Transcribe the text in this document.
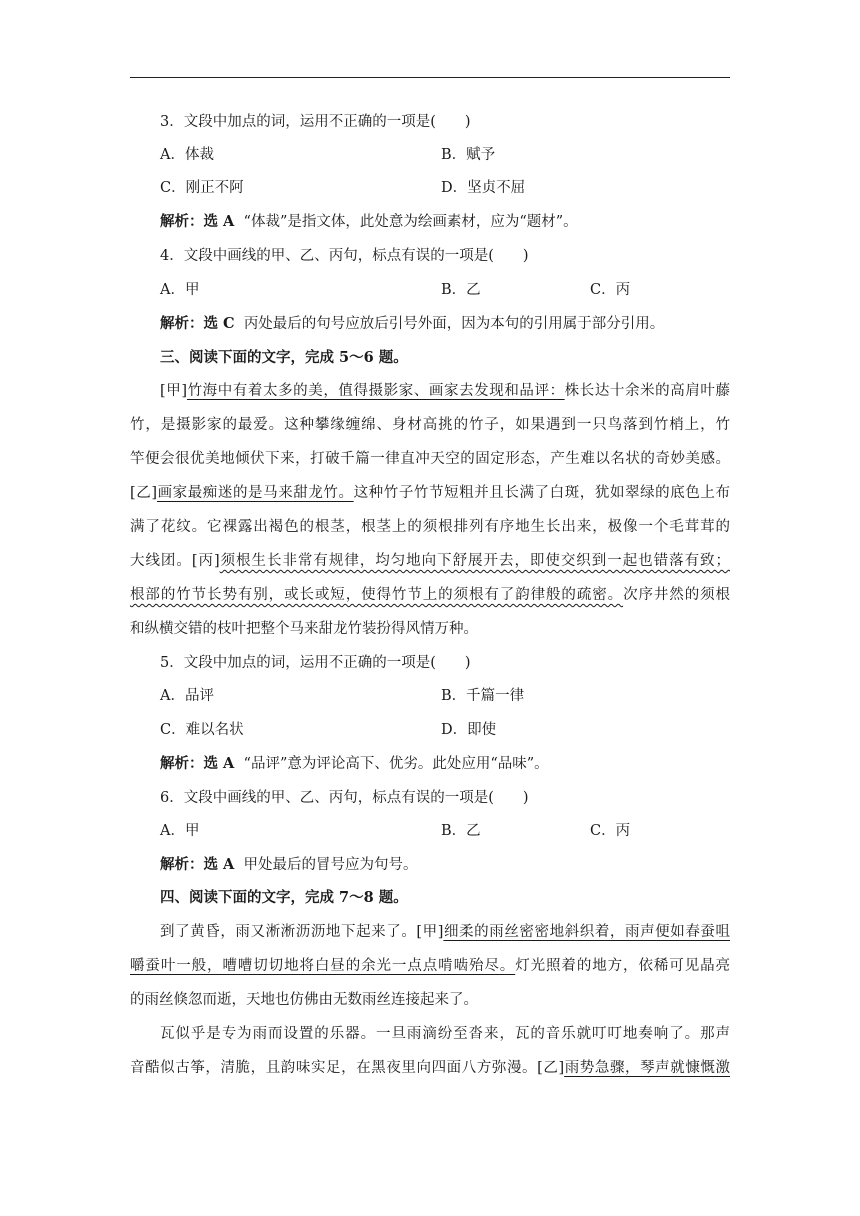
3．文段中加点的词，运用不正确的一项是(　　)
A．体裁	B．赋予
C．刚正不阿	D．坚贞不屈
解析：选 A “体裁”是指文体，此处意为绘画素材，应为“题材”。
4．文段中画线的甲、乙、丙句，标点有误的一项是(　　)
A．甲	B．乙	C．丙
解析：选 C 丙处最后的句号应放后引号外面，因为本句的引用属于部分引用。
三、阅读下面的文字，完成 5～6 题。
[甲]竹海中有着太多的美，值得摄影家、画家去发现和品评：株长达十余米的高肩叶藤
竹，是摄影家的最爱。这种攀缘缠绵、身材高挑的竹子，如果遇到一只鸟落到竹梢上，竹
竿便会很优美地倾伏下来，打破千篇一律直冲天空的固定形态，产生难以名状的奇妙美感。
[乙]画家最痴迷的是马来甜龙竹。这种竹子竹节短粗并且长满了白斑，犹如翠绿的底色上布
满了花纹。它裸露出褐色的根茎，根茎上的须根排列有序地生长出来，极像一个毛茸茸的
大线团。[丙]须根生长非常有规律，均匀地向下舒展开去，即使交织到一起也错落有致；
根部的竹节长势有别，或长或短，使得竹节上的须根有了韵律般的疏密。次序井然的须根
和纵横交错的枝叶把整个马来甜龙竹装扮得风情万种。
5．文段中加点的词，运用不正确的一项是(　　)
A．品评	B．千篇一律
C．难以名状	D．即使
解析：选 A “品评”意为评论高下、优劣。此处应用“品味”。
6．文段中画线的甲、乙、丙句，标点有误的一项是(　　)
A．甲	B．乙	C．丙
解析：选 A 甲处最后的冒号应为句号。
四、阅读下面的文字，完成 7～8 题。
到了黄昏，雨又淅淅沥沥地下起来了。[甲]细柔的雨丝密密地斜织着，雨声便如春蚕咀
嚼蚕叶一般，嘈嘈切切地将白昼的余光一点点啃啮殆尽。灯光照着的地方，依稀可见晶亮
的雨丝倏忽而逝，天地也仿佛由无数雨丝连接起来了。
瓦似乎是专为雨而设置的乐器。一旦雨滴纷至沓来，瓦的音乐就叮叮地奏响了。那声
音酷似古筝，清脆，且韵味实足，在黑夜里向四面八方弥漫。[乙]雨势急骤，琴声就慷慨激
